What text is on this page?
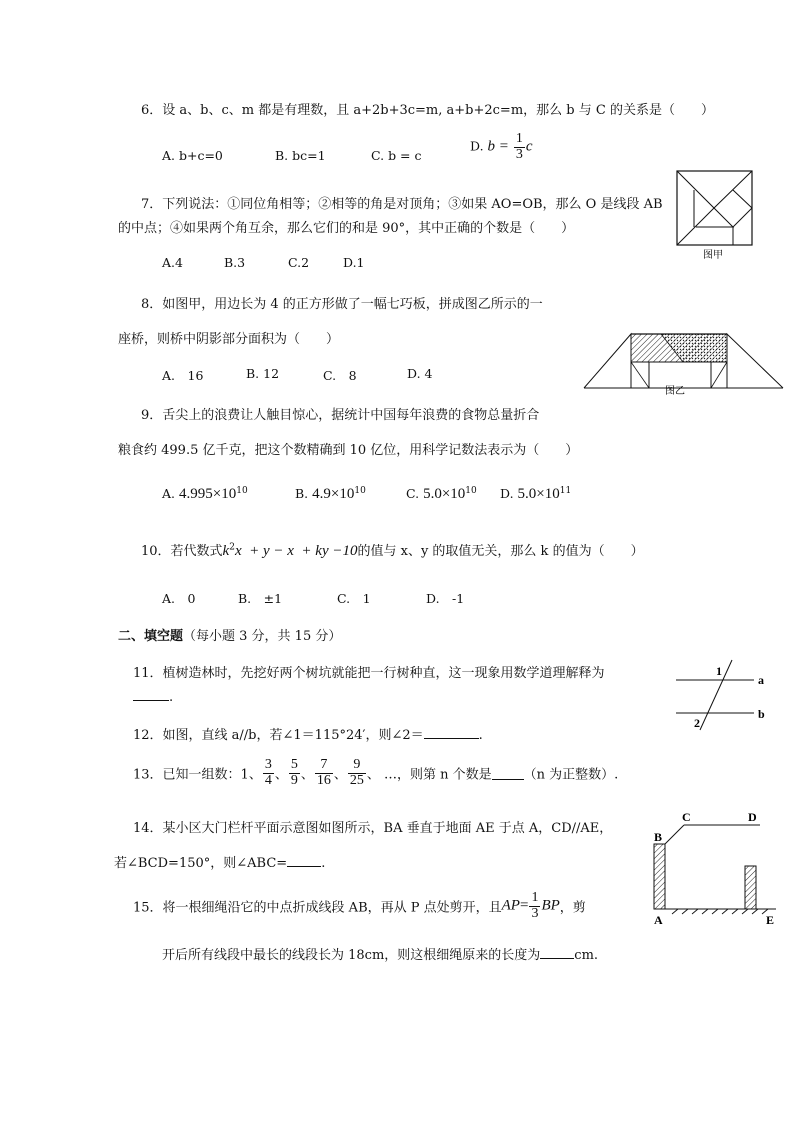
6．设 a、b、c、m 都是有理数，且 a+2b+3c=m, a+b+2c=m，那么 b 与 C 的关系是（　　）
A. b+c=0	B. bc=1	C. b = c
D. $b = \frac{1}{3}$ c
7．下列说法：①同位角相等；②相等的角是对顶角；③如果 AO=OB，那么 O 是线段 AB
的中点；④如果两个角互余，那么它们的和是 90°，其中正确的个数是（　　）
A.4	B.3	C.2	D.1	图甲
8．如图甲，用边长为 4 的正方形做了一幅七巧板，拼成图乙所示的一
座桥，则桥中阴影部分面积为（　　）
A.　16	B. 12	C.　8	D. 4
图乙
9．舌尖上的浪费让人触目惊心，据统计中国每年浪费的食物总量折合
粮食约 499.5 亿千克，把这个数精确到 10 亿位，用科学记数法表示为（　　）
A. $4.995\times 10^{10}$	B. $4.9\times 10^{10}$	C. $5.0\times 10^{10}$ D. $5.0\times 10^{11}$
10．若代数式$k^2x + y - x$  + ky −10的值与 x、y 的取值无关，那么 k 的值为（　　）
A.　0	B.　±1	C.　1	D.　-1
二、填空题（每小题 3 分，共 15 分）
11．植树造林时，先挖好两个树坑就能把一行树种直，这一现象用数学道理解释为
.
1
2
a
b
12．如图，直线 a//b，若∠1＝115°24′，则∠2＝	.
13．已知一组数：1、 $\frac{3}{4}$ 、 $\frac{5}{9}$ 、 $\frac{7}{16}$ 、 $\frac{9}{25}$ 、 …，则第 n 个数是 （n 为正整数）.
14．某小区大门栏杆平面示意图如图所示，BA 垂直于地面 AE 于点 A，CD//AE，
若∠BCD=150°，则∠ABC=	.
B
C	D
A	E
15．将一根细绳沿它的中点折成线段 AB，再从 P 点处剪开，且$AP= \frac{1}{3}$ BP，剪
开后所有线段中最长的线段长为 18cm，则这根细绳原来的长度为	cm.
